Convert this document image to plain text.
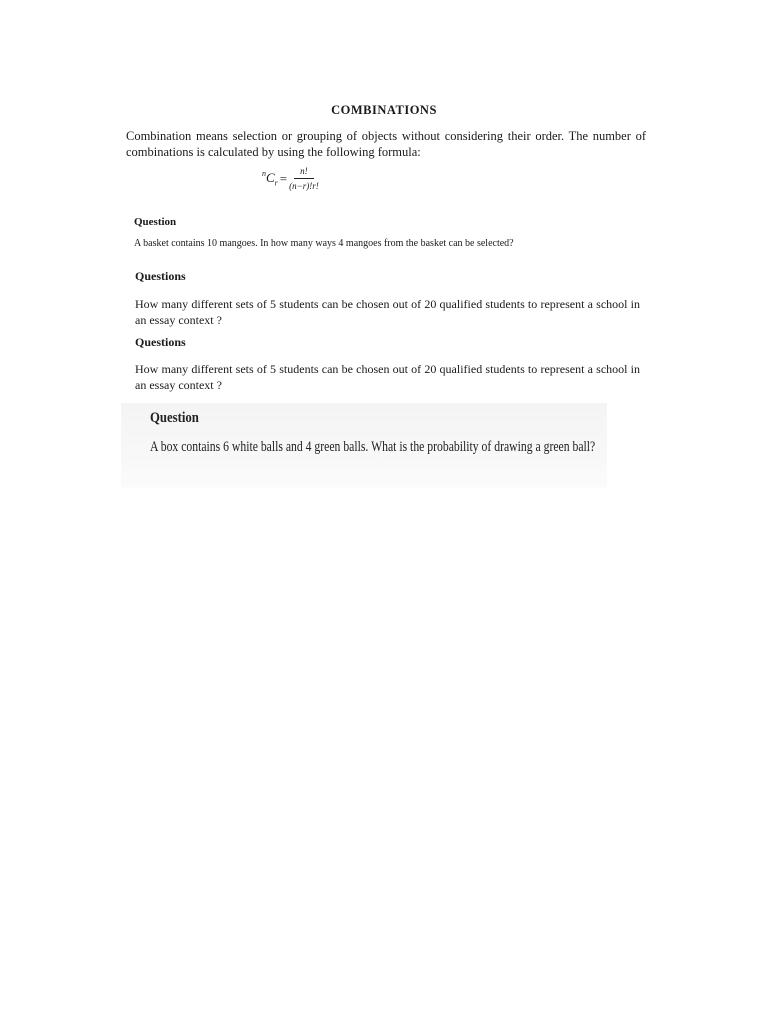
COMBINATIONS

Combination means selection or grouping of objects without considering their order. The number of combinations is calculated by using the following formula:

$^nC_r = \frac{n!}{(n-r)!r!}$
Question

A basket contains 10 mangoes. In how many ways 4 mangoes from the basket can be selected?

Questions

How many different sets of 5 students can be chosen out of 20 qualified students to represent a school in an essay context ?

Questions

How many different sets of 5 students can be chosen out of 20 qualified students to represent a school in an essay context ?

Question

A box contains 6 white balls and 4 green balls. What is the probability of drawing a green ball?
